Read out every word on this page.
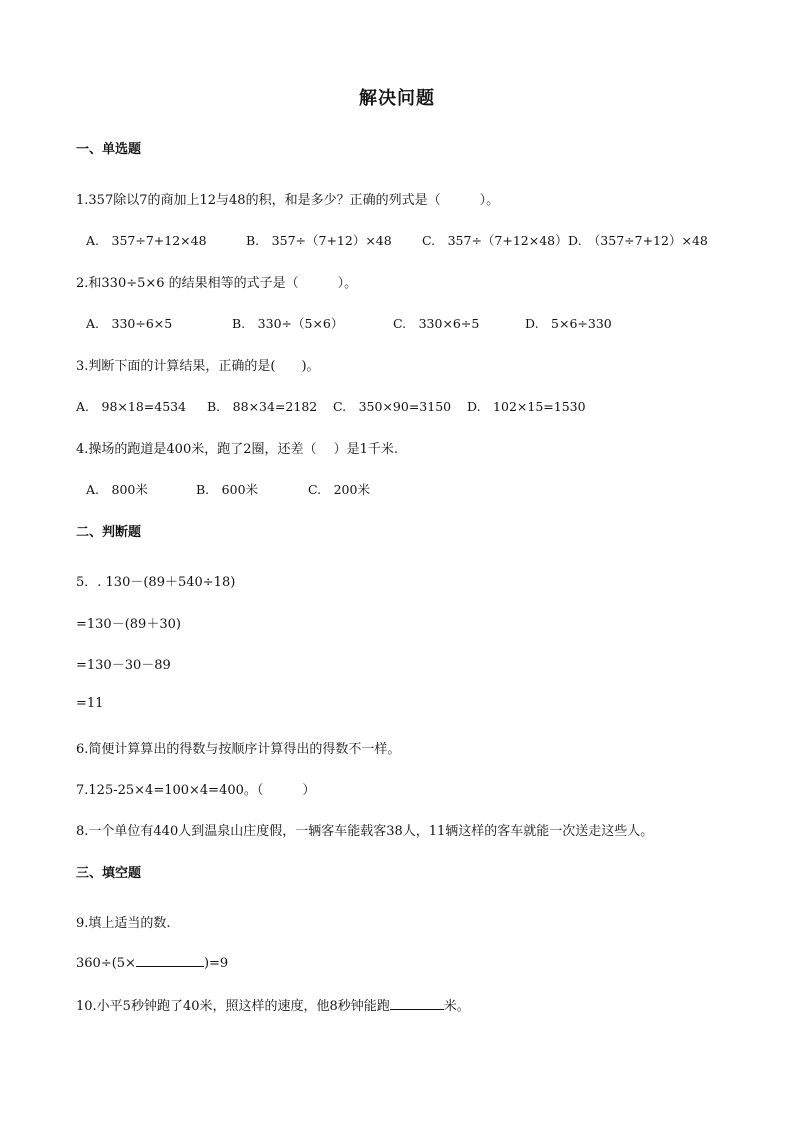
解决问题
一、单选题
1.357除以7的商加上12与48的积，和是多少？正确的列式是（　　　）。
A.　357÷7+12×48	B.　357÷（7+12）×48	C.　357÷（7+12×48） D.　（357÷7+12）×48
2.和330÷5×6 的结果相等的式子是（　　　）。
A.　330÷6×5	B.　330÷（5×6）	C.　330×6÷5	D.　5×6÷330
3.判断下面的计算结果，正确的是(　　)。
A.　98×18=4534	B.　88×34=2182	C.　350×90=3150	D.　102×15=1530
4.操场的跑道是400米，跑了2圈，还差（　 ）是1千米.
A.　800米	B.　600米	C.　200米
二、判断题
5．. 130－(89＋540÷18)
=130－(89＋30)
=130－30－89
=11
6.简便计算算出的得数与按顺序计算得出的得数不一样。
7.125-25×4=100×4=400。（　　　）
8.一个单位有440人到温泉山庄度假，一辆客车能载客38人，11辆这样的客车就能一次送走这些人。
三、填空题
9.填上适当的数.
360÷(5×	)=9
10.小平5秒钟跑了40米，照这样的速度，他8秒钟能跑	米。
